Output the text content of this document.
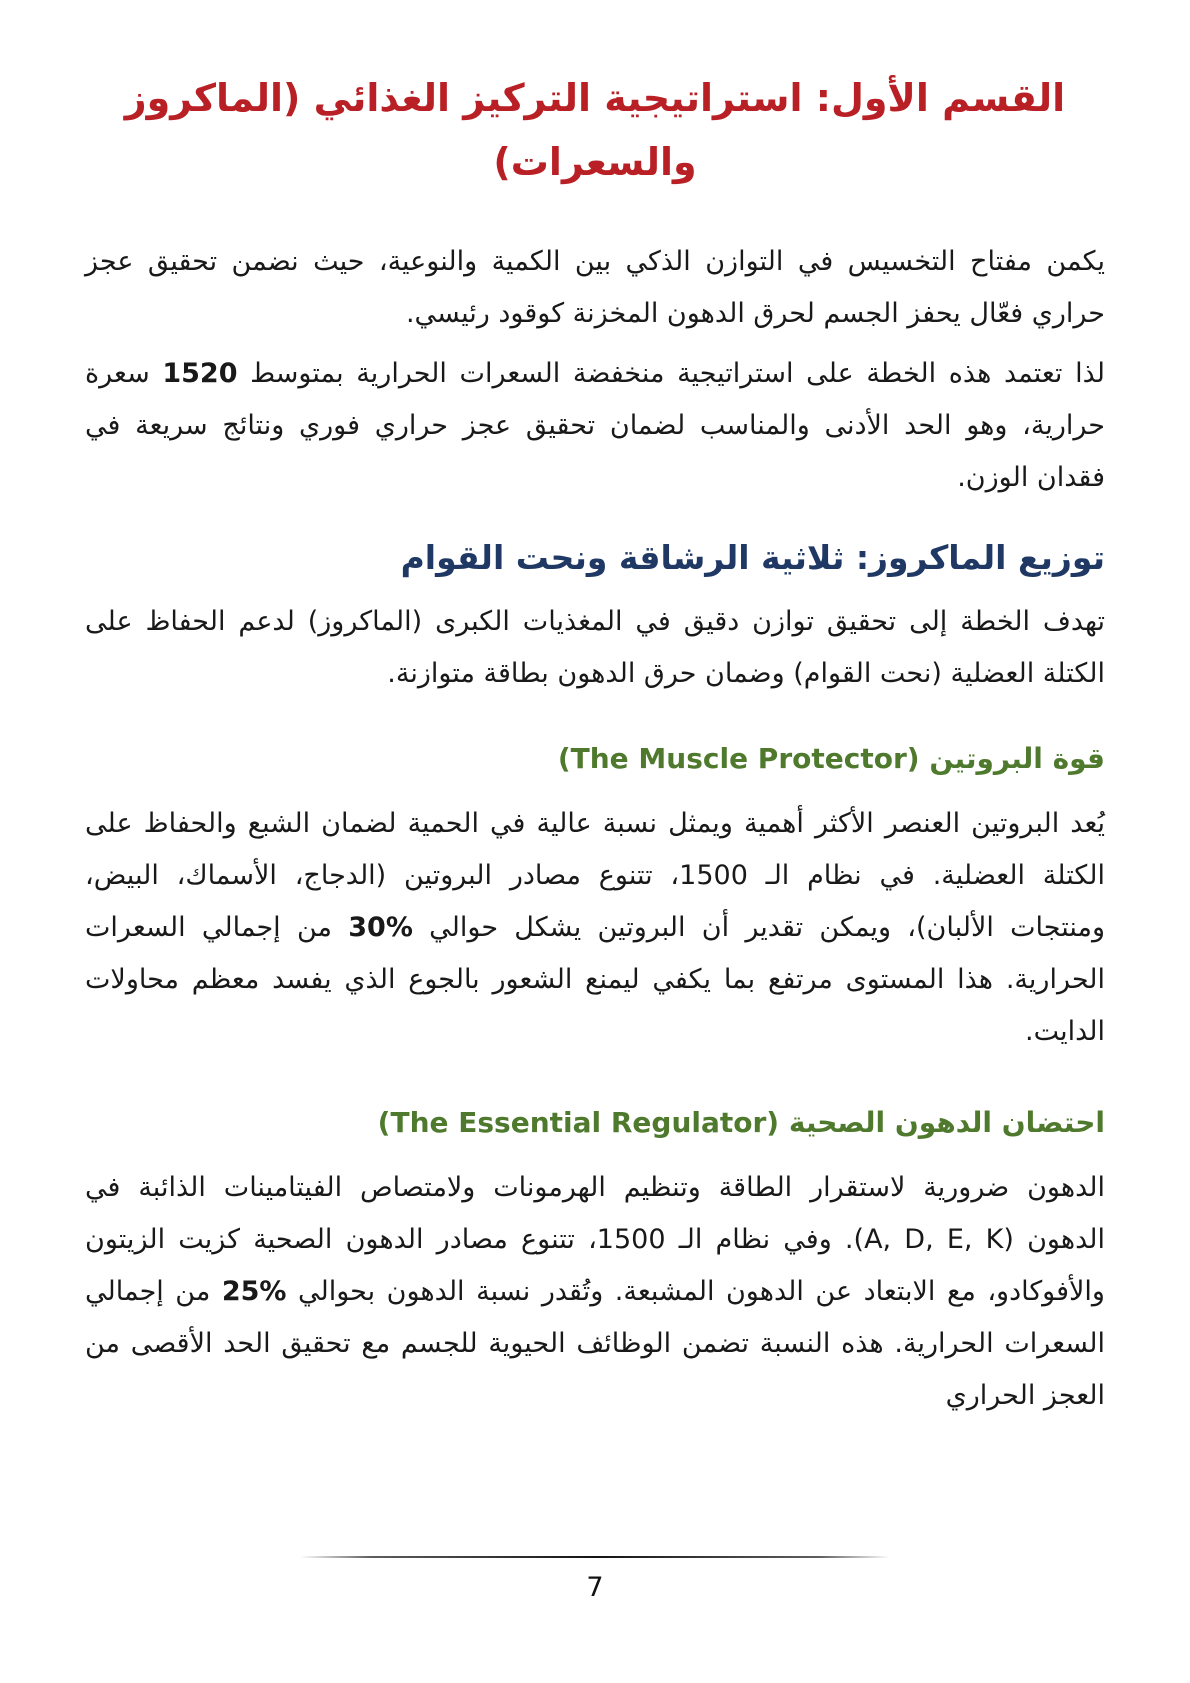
القسم الأول: استراتيجية التركيز الغذائي (الماكروز والسعرات)

يكمن مفتاح التخسيس في التوازن الذكي بين الكمية والنوعية، حيث نضمن تحقيق عجز حراري فعّال يحفز الجسم لحرق الدهون المخزنة كوقود رئيسي.

لذا تعتمد هذه الخطة على استراتيجية منخفضة السعرات الحرارية بمتوسط 1520 سعرة حرارية، وهو الحد الأدنى والمناسب لضمان تحقيق عجز حراري فوري ونتائج سريعة في فقدان الوزن.

توزيع الماكروز: ثلاثية الرشاقة ونحت القوام

تهدف الخطة إلى تحقيق توازن دقيق في المغذيات الكبرى (الماكروز) لدعم الحفاظ على الكتلة العضلية (نحت القوام) وضمان حرق الدهون بطاقة متوازنة.

قوة البروتين (The Muscle Protector)

يُعد البروتين العنصر الأكثر أهمية ويمثل نسبة عالية في الحمية لضمان الشبع والحفاظ على الكتلة العضلية. في نظام الـ 1500، تتنوع مصادر البروتين (الدجاج، الأسماك، البيض، ومنتجات الألبان)، ويمكن تقدير أن البروتين يشكل حوالي %30 من إجمالي السعرات الحرارية. هذا المستوى مرتفع بما يكفي ليمنع الشعور بالجوع الذي يفسد معظم محاولات الدايت.

احتضان الدهون الصحية (The Essential Regulator)

الدهون ضرورية لاستقرار الطاقة وتنظيم الهرمونات ولامتصاص الفيتامينات الذائبة في الدهون (A, D, E, K). وفي نظام الـ 1500، تتنوع مصادر الدهون الصحية كزيت الزيتون والأفوكادو، مع الابتعاد عن الدهون المشبعة. وتُقدر نسبة الدهون بحوالي %25 من إجمالي السعرات الحرارية. هذه النسبة تضمن الوظائف الحيوية للجسم مع تحقيق الحد الأقصى من العجز الحراري

7
